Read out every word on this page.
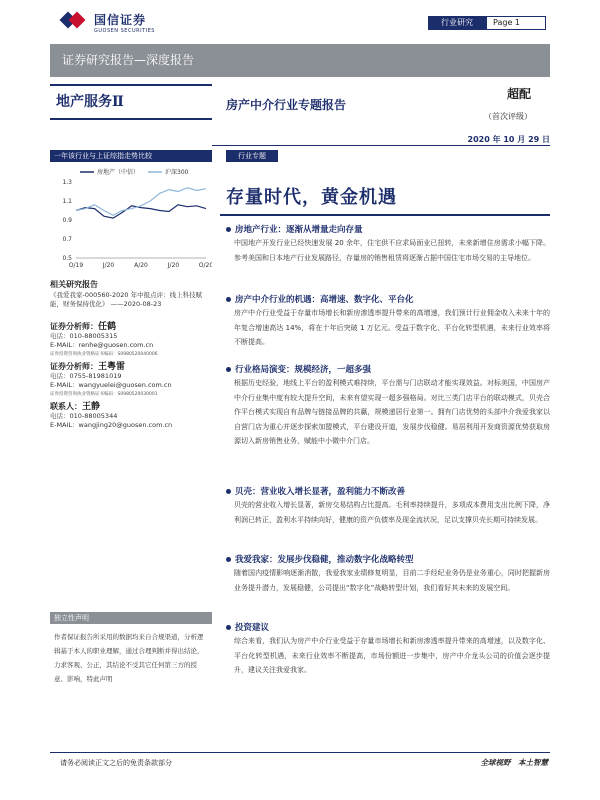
国信证券
GUOSEN SECURITIES
行业研究	Page 1
证券研究报告—深度报告
地产服务Ⅱ	房产中介行业专题报告
超配
（首次评级）
2020 年 10 月 29 日
一年该行业与上证综指走势比较
房地产（中信）	沪深300
1.3
1.1
0.9
0.7
0.5
O/19	J/20	A/20	J/20	O/20
相关研究报告
《我爱我家-000560-2020 年中报点评：线上科技赋能，财务保持优化》 ——2020-08-23
证券分析师：任鹤
电话：010-88005315
E-MAIL：renhe@guosen.com.cn
证券投资咨询执业资格证书编码：S0980520040006
证券分析师：王粤雷
电话：0755-81981019
E-MAIL：wangyuelei@guosen.com.cn
证券投资咨询执业资格证书编码：S0980520030001
联系人：王静
电话：010-88005344
E-MAIL：wangjing20@guosen.com.cn
独立性声明
作者保证报告所采用的数据均来自合规渠道，分析逻辑基于本人的职业理解，通过合理判断并得出结论，力求客观、公正，其结论不受其它任何第三方的授意、影响，特此声明
行业专题
存量时代，黄金机遇
房地产行业：逐渐从增量走向存量
中国地产开发行业已经快速发展 20 余年，住宅供不应求局面业已扭转，未来新增住房需求小幅下降。参考美国和日本地产行业发展路径，存量房的销售租赁将逐渐占据中国住宅市场交易的主导地位。
房产中介行业的机遇：高增速、数字化、平台化
房产中介行业受益于存量市场增长和新房渗透率提升带来的高增速，我们预计行业佣金收入未来十年的年复合增速高达 14%，将在十年后突破 1 万亿元。受益于数字化、平台化转型机遇，未来行业效率将不断提高。
行业格局演变：规模经济，一超多强
根据历史经验，地线上平台的盈利模式难持续，平台需与门店联动才能实现效益。对标美国，中国房产中介行业集中度有较大提升空间，未来有望实现一超多强格局。对比三类门店平台的联动模式，贝壳合作平台模式实现自有品牌与链接品牌的共赢，规模递居行业第一。拥有门店优势的头部中介我爱我家以自营门店为重心并逐步探索加盟模式，平台建设开道，发展步伐稳健。易居利用开发商资源优势获取房源切入新房销售业务，赋能中小微中介门店。
贝壳：营业收入增长显著，盈利能力不断改善
贝壳的营业收入增长显著，新房交易结构占比提高。毛利率持续提升，多项成本费用支出比例下降，净利润已转正，盈利水平持续向好，健康的资产负债率及现金流状况，足以支撑贝壳长期可持续发展。
我爱我家：发展步伐稳健，推动数字化战略转型
随着国内疫情影响逐渐消散，我爱我家业绩修复明显，目前二手经纪业务仍是业务重心，同时把握新房业务提升潜力，发展稳健，公司提出“数字化”战略转型计划，我们看好其未来的发展空间。
投资建议
综合来看，我们认为房产中介行业受益于存量市场增长和新房渗透率提升带来的高增速，以及数字化、平台化转型机遇，未来行业效率不断提高，市场份额进一步集中，房产中介龙头公司的价值会逐步提升，建议关注我爱我家。
请务必阅读正文之后的免责条款部分	全球视野　本土智慧
